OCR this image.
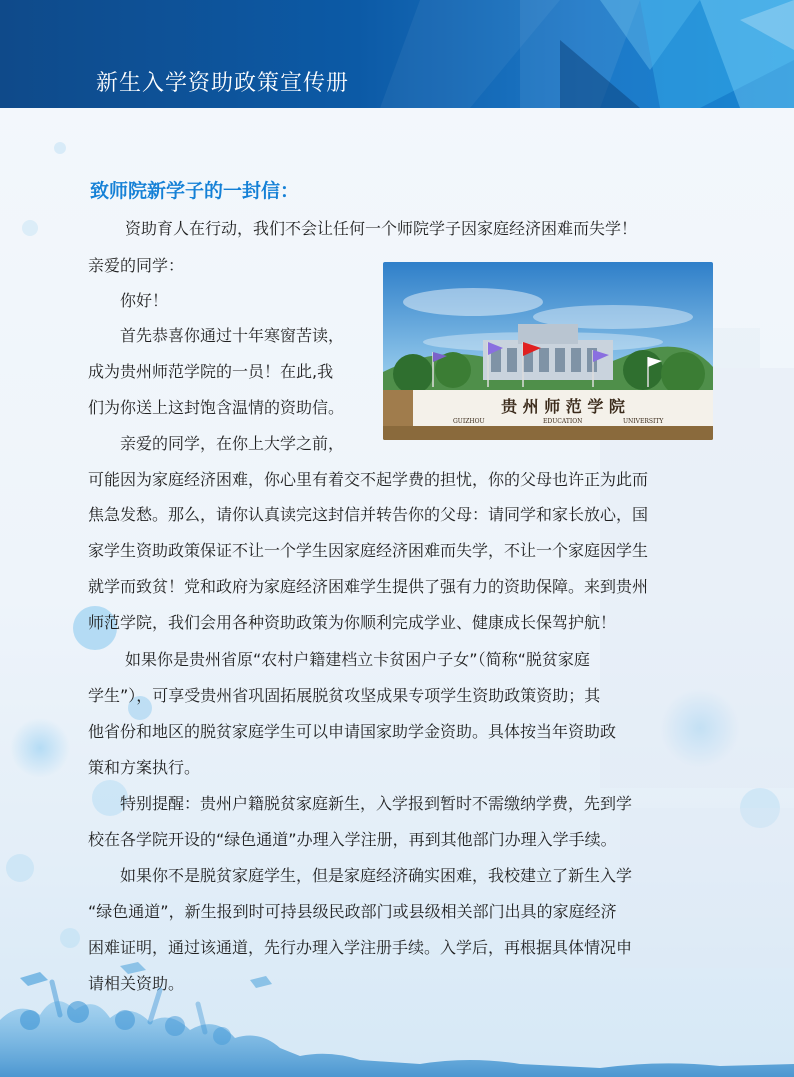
新生入学资助政策宣传册
致师院新学子的一封信：
资助育人在行动，我们不会让任何一个师院学子因家庭经济困难而失学！
亲爱的同学：
你好！
首先恭喜你通过十年寒窗苦读，
成为贵州师范学院的一员！在此,我
们为你送上这封饱含温情的资助信。
亲爱的同学，在你上大学之前，
可能因为家庭经济困难，你心里有着交不起学费的担忧，你的父母也许正为此而
焦急发愁。那么，请你认真读完这封信并转告你的父母：请同学和家长放心，国
家学生资助政策保证不让一个学生因家庭经济困难而失学，不让一个家庭因学生
就学而致贫！党和政府为家庭经济困难学生提供了强有力的资助保障。来到贵州
师范学院，我们会用各种资助政策为你顺利完成学业、健康成长保驾护航！
如果你是贵州省原“农村户籍建档立卡贫困户子女”（简称“脱贫家庭
学生”），可享受贵州省巩固拓展脱贫攻坚成果专项学生资助政策资助；其
他省份和地区的脱贫家庭学生可以申请国家助学金资助。具体按当年资助政
策和方案执行。
特别提醒：贵州户籍脱贫家庭新生，入学报到暂时不需缴纳学费，先到学
校在各学院开设的“绿色通道”办理入学注册，再到其他部门办理入学手续。
如果你不是脱贫家庭学生，但是家庭经济确实困难，我校建立了新生入学
“绿色通道”，新生报到时可持县级民政部门或县级相关部门出具的家庭经济
困难证明，通过该通道，先行办理入学注册手续。入学后，再根据具体情况申
请相关资助。
贵 州 师 范 学 院
GUIZHOU	EDUCATION	UNIVERSITY
